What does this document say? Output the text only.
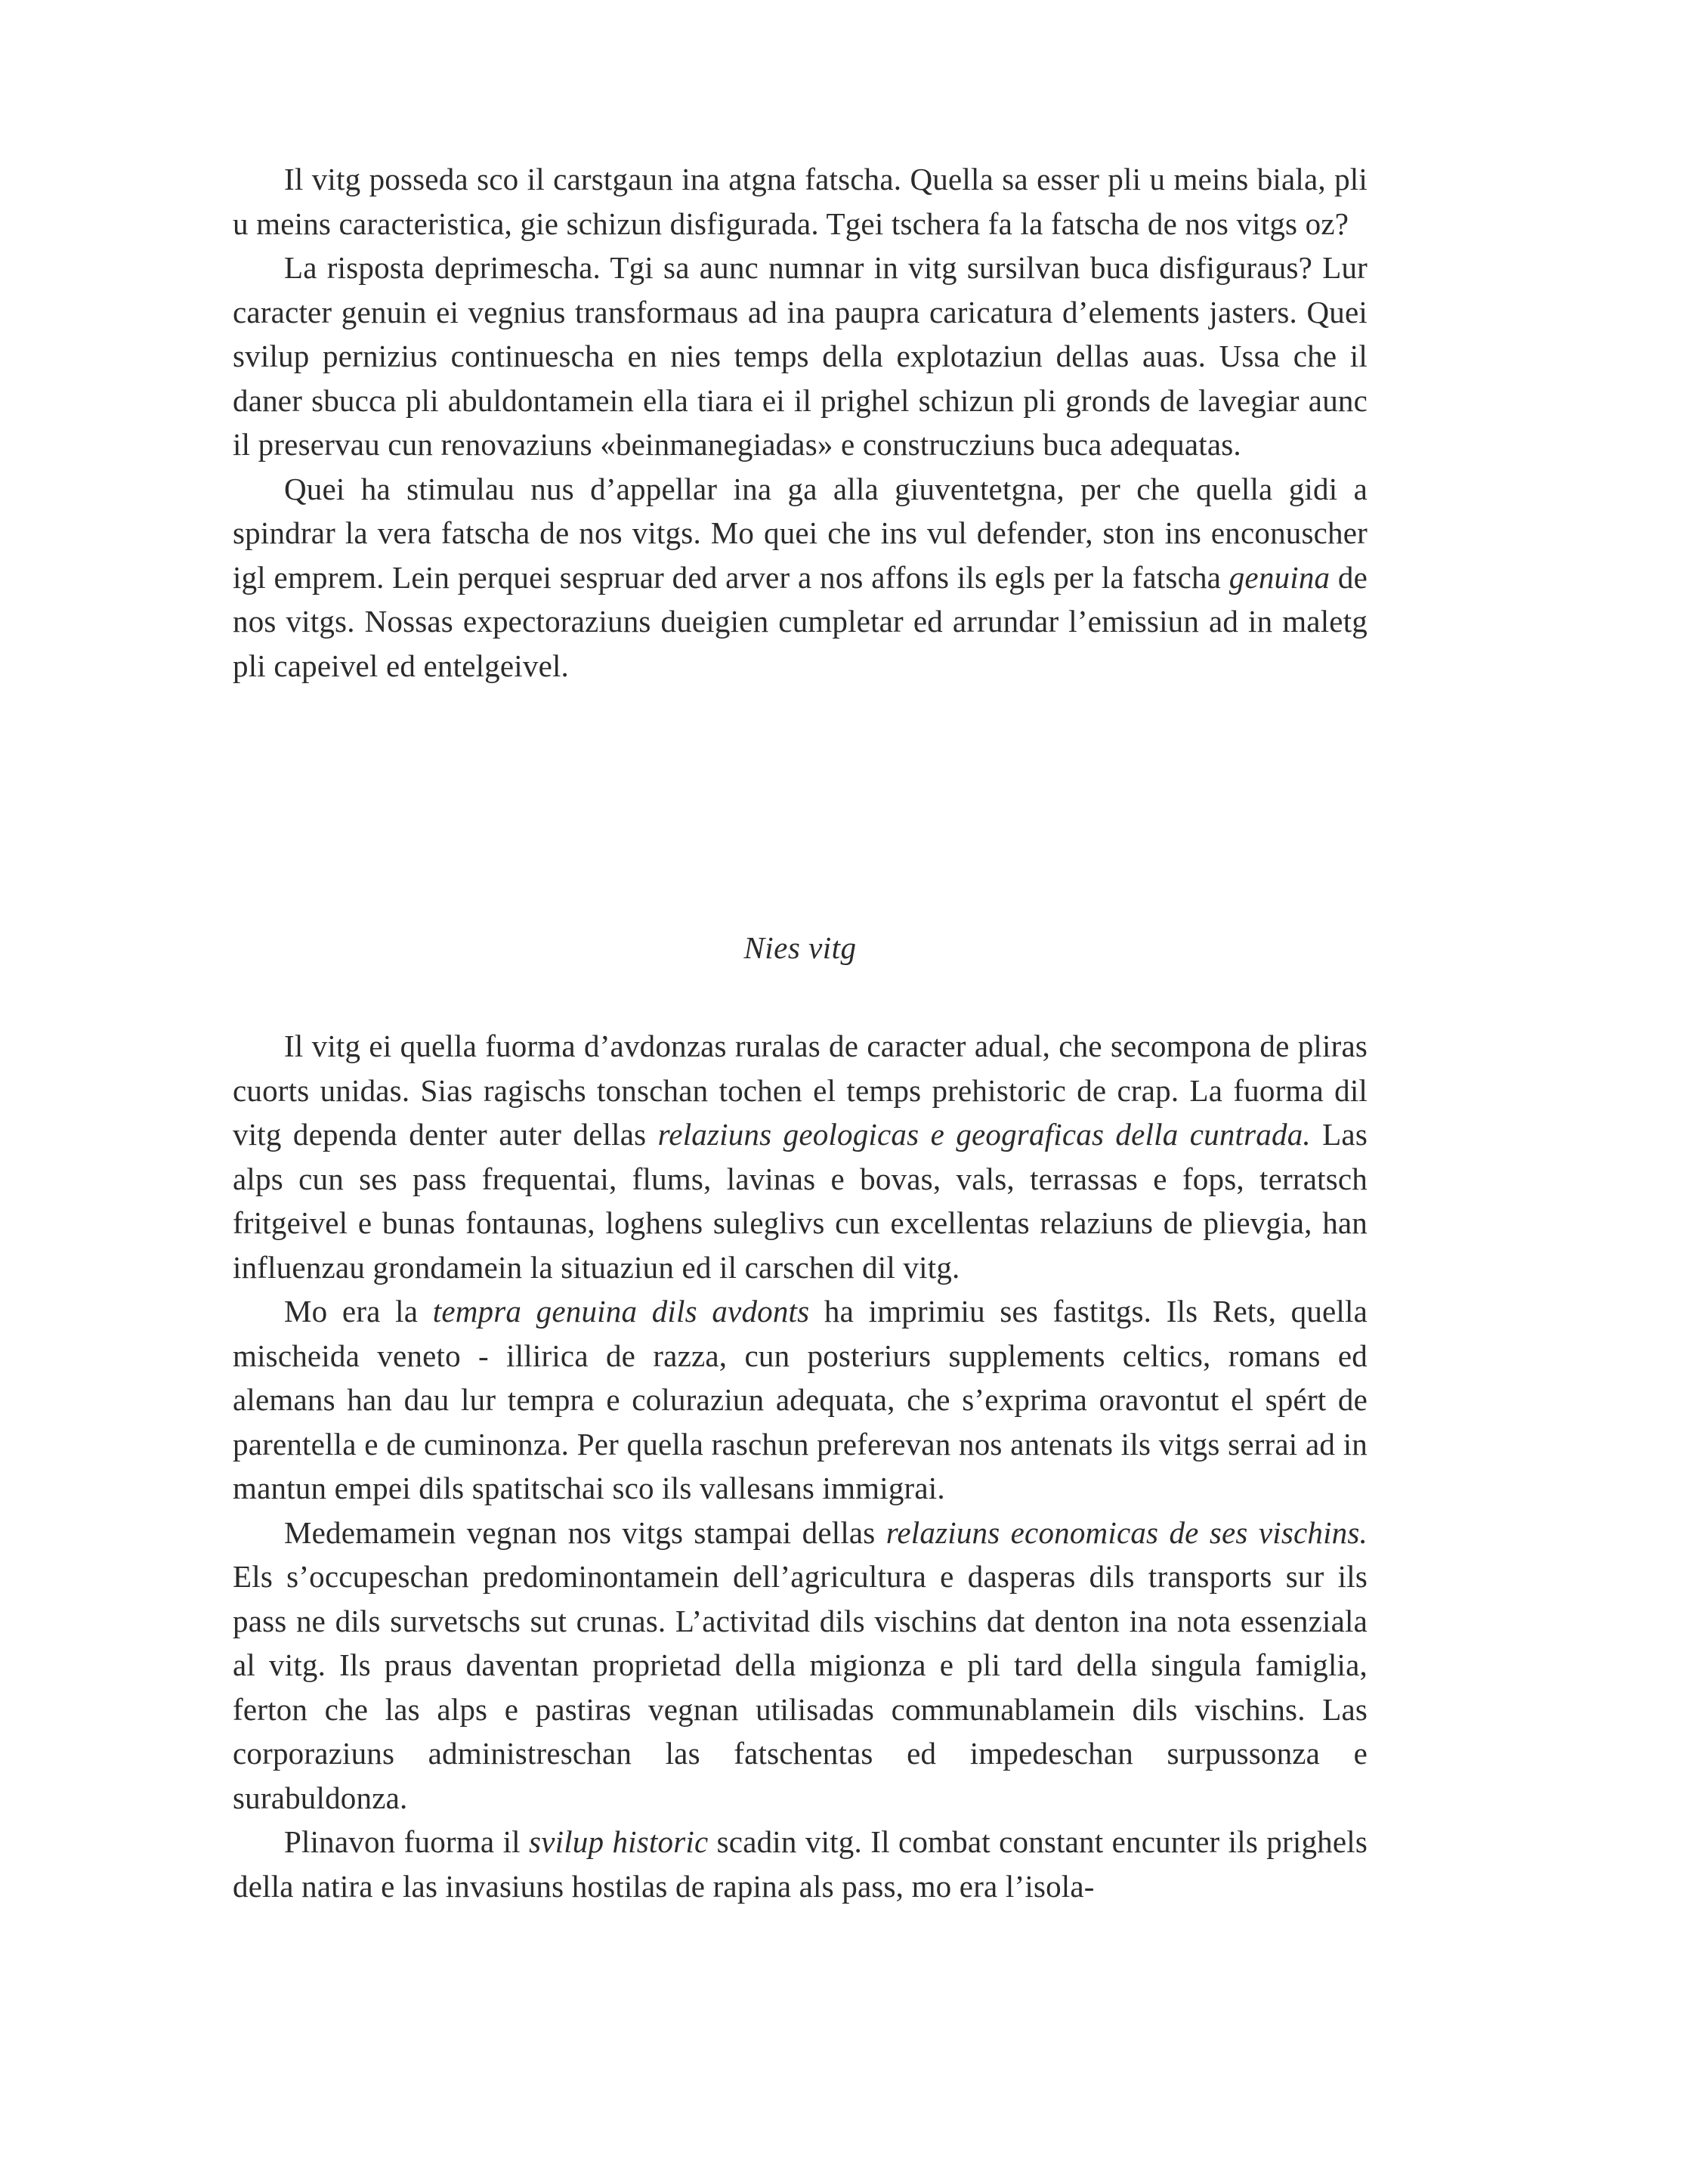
Il vitg posseda sco il carstgaun ina atgna fatscha. Quella sa esser pli u meins biala, pli u meins caracteristica, gie schizun disfigurada. Tgei tschera fa la fatscha de nos vitgs oz?

La risposta deprimescha. Tgi sa aunc numnar in vitg sursilvan buca disfiguraus? Lur caracter genuin ei vegnius transformaus ad ina paupra caricatura d’elements jasters. Quei svilup pernizius continuescha en nies temps della explotaziun dellas auas. Ussa che il daner sbucca pli abuldontamein ella tiara ei il prighel schizun pli gronds de lavegiar aunc il preservau cun renovaziuns «beinmanegiadas» e construcziuns buca adequatas.

Quei ha stimulau nus d’appellar ina ga alla giuventetgna, per che quella gidi a spindrar la vera fatscha de nos vitgs. Mo quei che ins vul defender, ston ins enconuscher igl emprem. Lein perquei sespruar ded arver a nos affons ils egls per la fatscha genuina de nos vitgs. Nossas expectoraziuns dueigien cumpletar ed arrundar l’emissiun ad in maletg pli capeivel ed entelgeivel.

Nies vitg

Il vitg ei quella fuorma d’avdonzas ruralas de caracter adual, che secompona de pliras cuorts unidas. Sias ragischs tonschan tochen el temps prehistoric de crap. La fuorma dil vitg dependa denter auter dellas relaziuns geologicas e geograficas della cuntrada. Las alps cun ses pass frequentai, flums, lavinas e bovas, vals, terrassas e fops, terratsch fritgeivel e bunas fontaunas, loghens suleglivs cun excellentas relaziuns de plievgia, han influenzau grondamein la situaziun ed il carschen dil vitg.

Mo era la tempra genuina dils avdonts ha imprimiu ses fastitgs. Ils Rets, quella mischeida veneto - illirica de razza, cun posteriurs supplements celtics, romans ed alemans han dau lur tempra e coluraziun adequata, che s’exprima oravontut el spért de parentella e de cuminonza. Per quella raschun preferevan nos antenats ils vitgs serrai ad in mantun empei dils spatitschai sco ils vallesans immigrai.

Medemamein vegnan nos vitgs stampai dellas relaziuns economicas de ses vischins. Els s’occupeschan predominontamein dell’agricultura e dasperas dils transports sur ils pass ne dils survetschs sut crunas. L’activitad dils vischins dat denton ina nota essenziala al vitg. Ils praus daventan proprietad della migionza e pli tard della singula famiglia, ferton che las alps e pastiras vegnan utilisadas communablamein dils vischins. Las corporaziuns administreschan las fatschentas ed impedeschan surpussonza e surabuldonza.

Plinavon fuorma il svilup historic scadin vitg. Il combat constant encunter ils prighels della natira e las invasiuns hostilas de rapina als pass, mo era l’isola-
